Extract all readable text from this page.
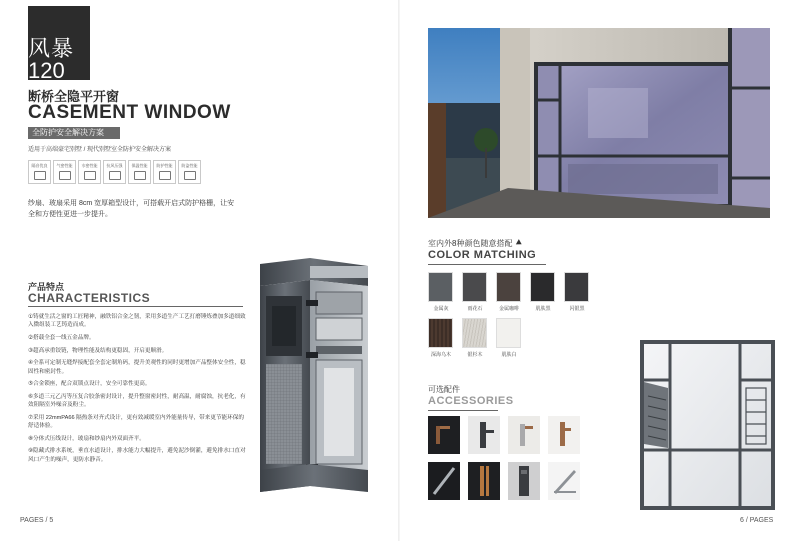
风暴
120
断桥全隐平开窗
CASEMENT WINDOW
全防护安全解决方案
适用于高端豪宅别墅 / 现代别墅室全防护安全解决方案
隔音优良	气密性能	水密性能	抗风压强	保温性能	防护性能	防盗性能
纱扇、玻扇采用 8cm 宽厚箱型设计，可搭载开启式防护格栅，让安全和方便性更进一步提升。
产品特点
CHARACTERISTICS
①铸就生活之窗的工匠精神，融铁铝合金之韧，采用多道生产工艺打磨锤炼叠加多道细致入微组装工艺铸造而成。
②搭载全套一线五金品牌。
③超高承重铰链，物理性能及结构更稳固，开启更顺滑。
④全系可定制无缝焊接配套全套定制角码，提升美观性的同时更增加产品整体安全性，稳固性和密封性。
⑤合金锁座，配合双锁点设计，安全可靠性更高。
⑥多道三元乙丙等压复合胶条密封设计，提升整窗密封性，耐高温，耐腐蚀，抗老化，有效阻隔室外噪音及粉尘。
⑦采用 22mmPA66 隔热条对齐式设计，更有效减缓室内外能量传导，带来更节能环保的舒适体验。
⑧分体式压线设计，玻扇和纱扇内外双面齐平。
⑨隐藏式排水系统，垂直水道设计，排水能力大幅提升，避免泥沙倒灌，避免排水口直对风口产生的噪声，更防水静音。
PAGES / 5
室内外8种颜色随意搭配
COLOR MATCHING
金属灰	雨花石	金属咖啡	肌肤黑	闪银黑
深海乌木	银杉木	肌肤白
可选配件
ACCESSORIES
6 / PAGES
